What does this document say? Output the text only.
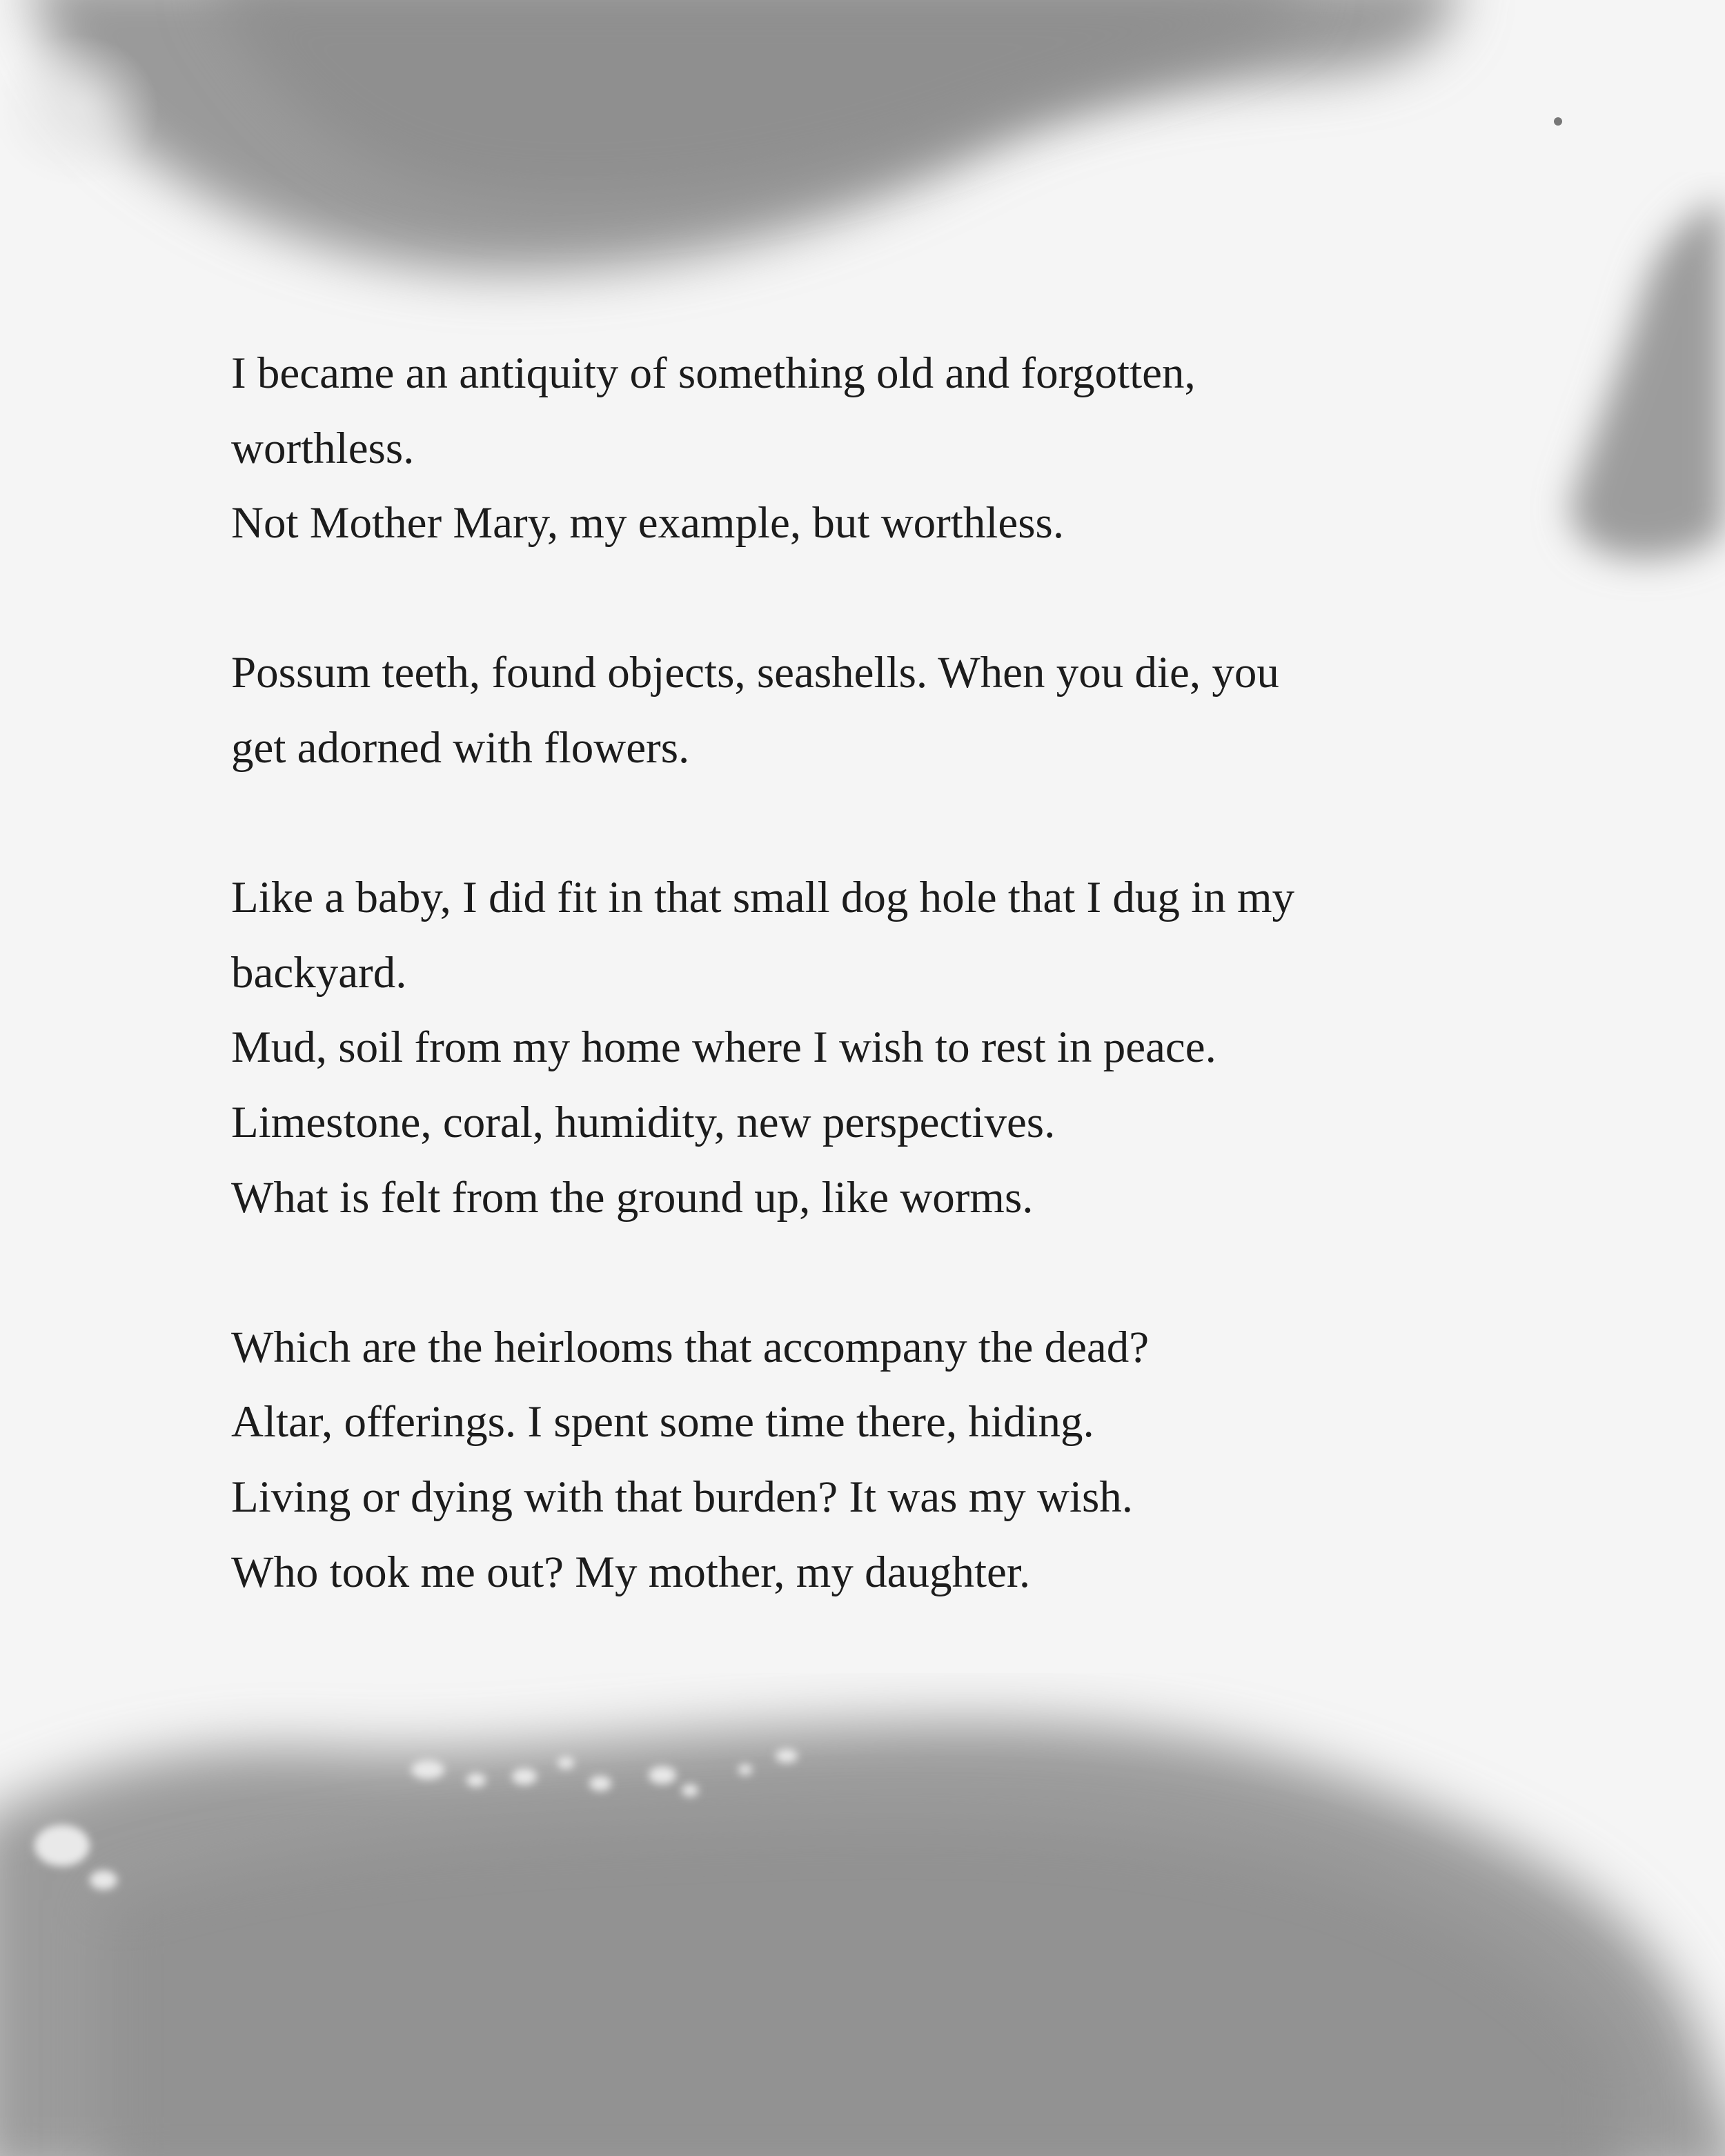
I became an antiquity of something old and forgotten,
worthless.
Not Mother Mary, my example, but worthless.
Possum teeth, found objects, seashells. When you die, you
get adorned with flowers.
Like a baby, I did fit in that small dog hole that I dug in my
backyard.
Mud, soil from my home where I wish to rest in peace.
Limestone, coral, humidity, new perspectives.
What is felt from the ground up, like worms.
Which are the heirlooms that accompany the dead?
Altar, offerings. I spent some time there, hiding.
Living or dying with that burden? It was my wish.
Who took me out? My mother, my daughter.
